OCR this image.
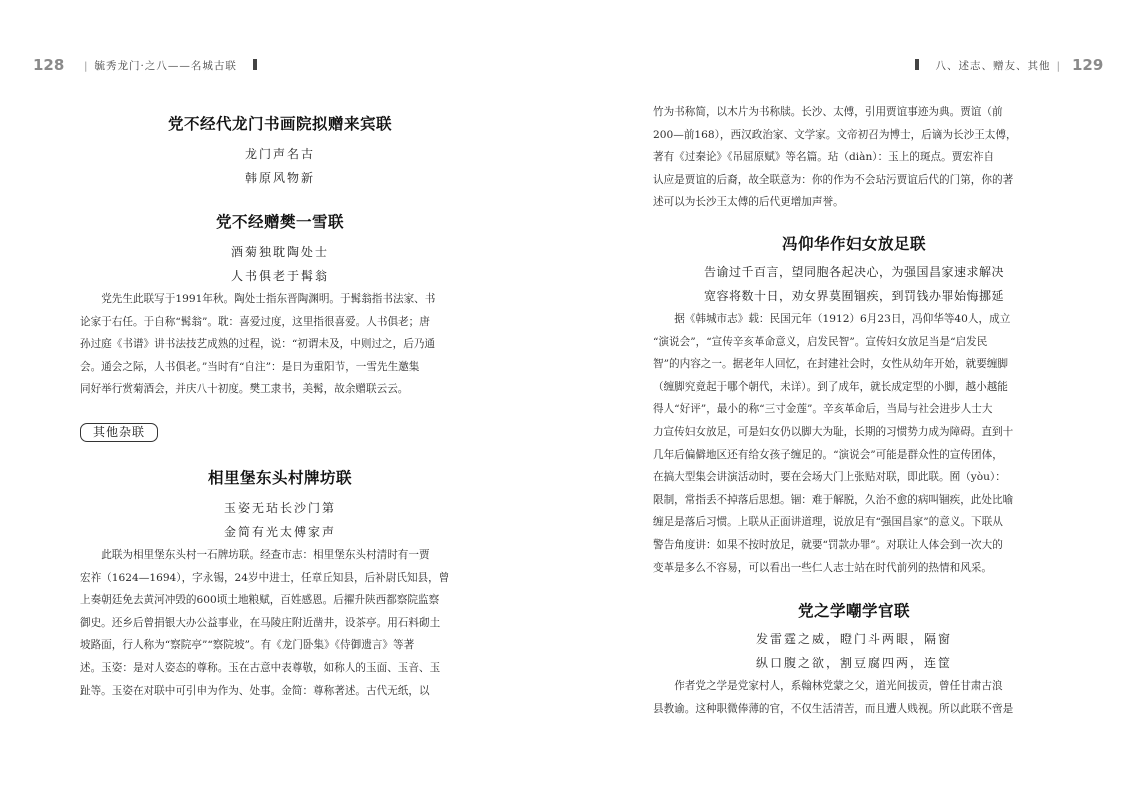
128	| 毓秀龙门·之八——名城古联	八、述志、赠友、其他 | 129

党不经代龙门书画院拟赠来宾联

龙门声名古

韩原风物新

党不经赠樊一雪联

酒菊独耽陶处士

人书俱老于髯翁

党先生此联写于1991年秋。陶处士指东晋陶渊明。于髯翁指书法家、书
论家于右任。于自称“髯翁”。耽：喜爱过度，这里指很喜爱。人书俱老；唐
孙过庭《书谱》讲书法技艺成熟的过程，说：“初谓未及，中则过之，后乃通
会。通会之际，人书俱老。”当时有“自注”：是日为重阳节，一雪先生邀集
同好举行赏菊酒会，并庆八十初度。樊工隶书，美髯，故余赠联云云。
其他杂联

相里堡东头村牌坊联

玉姿无玷长沙门第

金简有光太傅家声

此联为相里堡东头村一石牌坊联。经查市志：相里堡东头村清时有一贾
宏祚（1624—1694），字永锡，24岁中进士，任章丘知县，后补尉氏知县，曾
上奏朝廷免去黄河冲毁的600顷土地粮赋，百姓感恩。后擢升陕西都察院监察
御史。还乡后曾捐银大办公益事业，在马陵庄附近凿井，设茶亭。用石料砌土
坡路面，行人称为“察院亭”“察院坡”。有《龙门卧集》《侍御遗言》等著
述。玉姿：是对人姿态的尊称。玉在古意中表尊敬，如称人的玉面、玉音、玉
趾等。玉姿在对联中可引申为作为、处事。金简：尊称著述。古代无纸，以
竹为书称简，以木片为书称牍。长沙、太傅，引用贾谊事迹为典。贾谊（前
200—前168），西汉政治家、文学家。文帝初召为博士，后谪为长沙王太傅，
著有《过秦论》《吊屈原赋》等名篇。玷（diàn）：玉上的斑点。贾宏祚自
认应是贾谊的后裔，故全联意为：你的作为不会玷污贾谊后代的门第，你的著
述可以为长沙王太傅的后代更增加声誉。

冯仰华作妇女放足联

告谕过千百言，望同胞各起决心，为强国昌家速求解决

宽容将数十日，劝女界莫囿锢疾，到罚钱办罪始悔挪延

据《韩城市志》载：民国元年（1912）6月23日，冯仰华等40人，成立
“演说会”，“宣传辛亥革命意义，启发民智”。宣传妇女放足当是“启发民
智”的内容之一。据老年人回忆，在封建社会时，女性从幼年开始，就要缠脚
（缠脚究竟起于哪个朝代，未详）。到了成年，就长成定型的小脚，越小越能
得人“好评”，最小的称“三寸金莲”。辛亥革命后，当局与社会进步人士大
力宣传妇女放足，可是妇女仍以脚大为耻，长期的习惯势力成为障碍。直到十
几年后偏僻地区还有给女孩子缠足的。“演说会”可能是群众性的宣传团体，
在搞大型集会讲演活动时，要在会场大门上张贴对联，即此联。囿（yòu）：
限制，常指丢不掉落后思想。锢：难于解脱，久治不愈的病叫锢疾，此处比喻
缠足是落后习惯。上联从正面讲道理，说放足有“强国昌家”的意义。下联从
警告角度讲：如果不按时放足，就要“罚款办罪”。对联让人体会到一次大的
变革是多么不容易，可以看出一些仁人志士站在时代前列的热情和风采。

党之学嘲学官联

发雷霆之威，瞪门斗两眼，隔窗

纵口腹之欲，割豆腐四两，连筐

作者党之学是党家村人，系翰林党蒙之父，道光间拔贡，曾任甘肃古浪
县教谕。这种职微俸薄的官，不仅生活清苦，而且遭人贱视。所以此联不啻是
